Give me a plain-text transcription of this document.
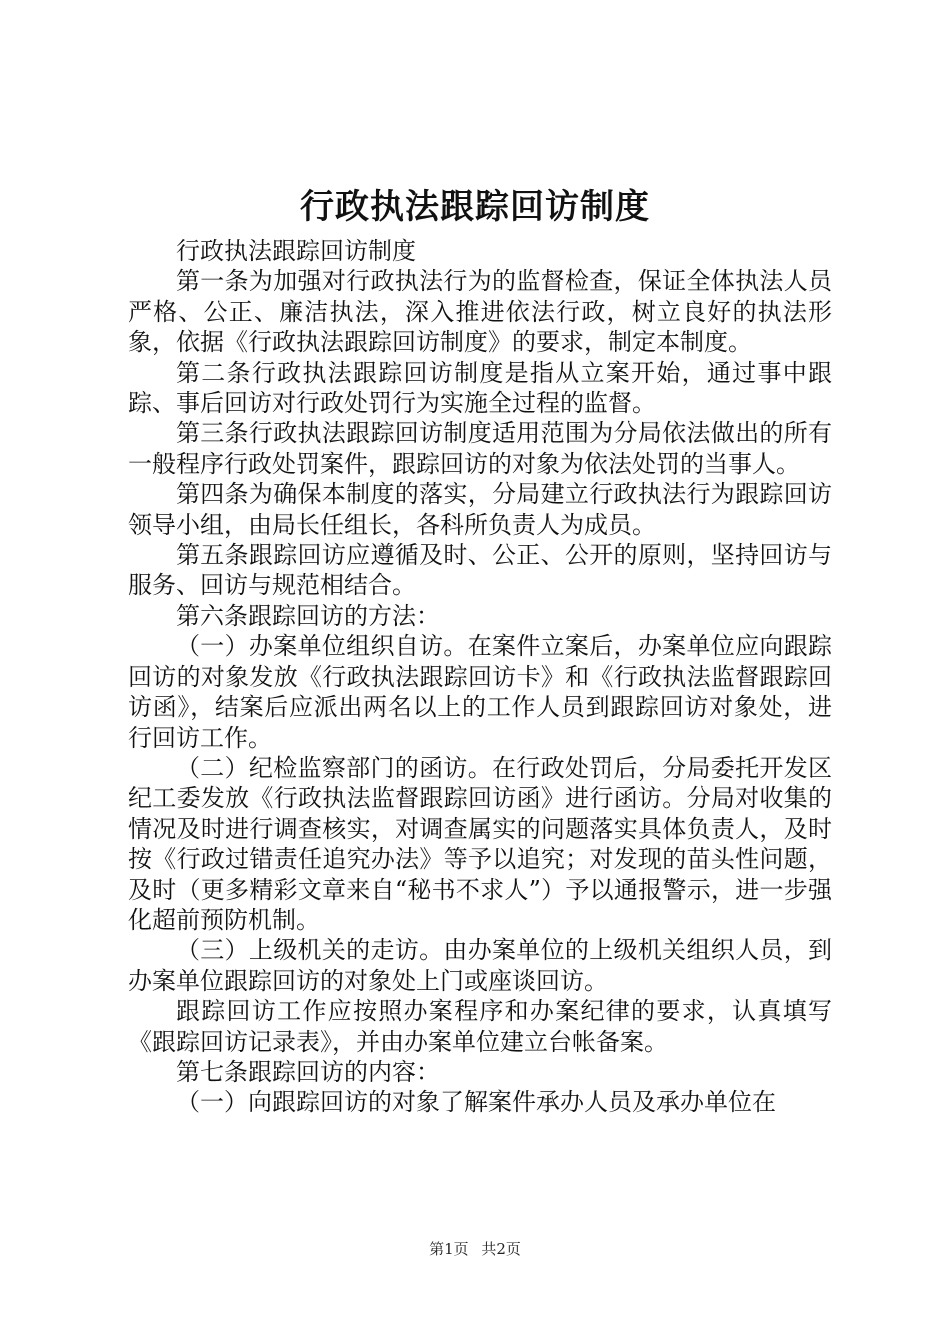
行政执法跟踪回访制度

行政执法跟踪回访制度

第一条为加强对行政执法行为的监督检查，保证全体执法人员严格、公正、廉洁执法，深入推进依法行政，树立良好的执法形象，依据《行政执法跟踪回访制度》的要求，制定本制度。

第二条行政执法跟踪回访制度是指从立案开始，通过事中跟踪、事后回访对行政处罚行为实施全过程的监督。

第三条行政执法跟踪回访制度适用范围为分局依法做出的所有一般程序行政处罚案件，跟踪回访的对象为依法处罚的当事人。

第四条为确保本制度的落实，分局建立行政执法行为跟踪回访领导小组，由局长任组长，各科所负责人为成员。

第五条跟踪回访应遵循及时、公正、公开的原则，坚持回访与服务、回访与规范相结合。

第六条跟踪回访的方法：

（一）办案单位组织自访。在案件立案后，办案单位应向跟踪回访的对象发放《行政执法跟踪回访卡》和《行政执法监督跟踪回访函》，结案后应派出两名以上的工作人员到跟踪回访对象处，进行回访工作。

（二）纪检监察部门的函访。在行政处罚后，分局委托开发区纪工委发放《行政执法监督跟踪回访函》进行函访。分局对收集的情况及时进行调查核实，对调查属实的问题落实具体负责人，及时按《行政过错责任追究办法》等予以追究；对发现的苗头性问题，及时（更多精彩文章来自“秘书不求人”）予以通报警示，进一步强化超前预防机制。

（三）上级机关的走访。由办案单位的上级机关组织人员，到办案单位跟踪回访的对象处上门或座谈回访。

跟踪回访工作应按照办案程序和办案纪律的要求，认真填写《跟踪回访记录表》，并由办案单位建立台帐备案。

第七条跟踪回访的内容：

（一）向跟踪回访的对象了解案件承办人员及承办单位在

第1页 共2页
